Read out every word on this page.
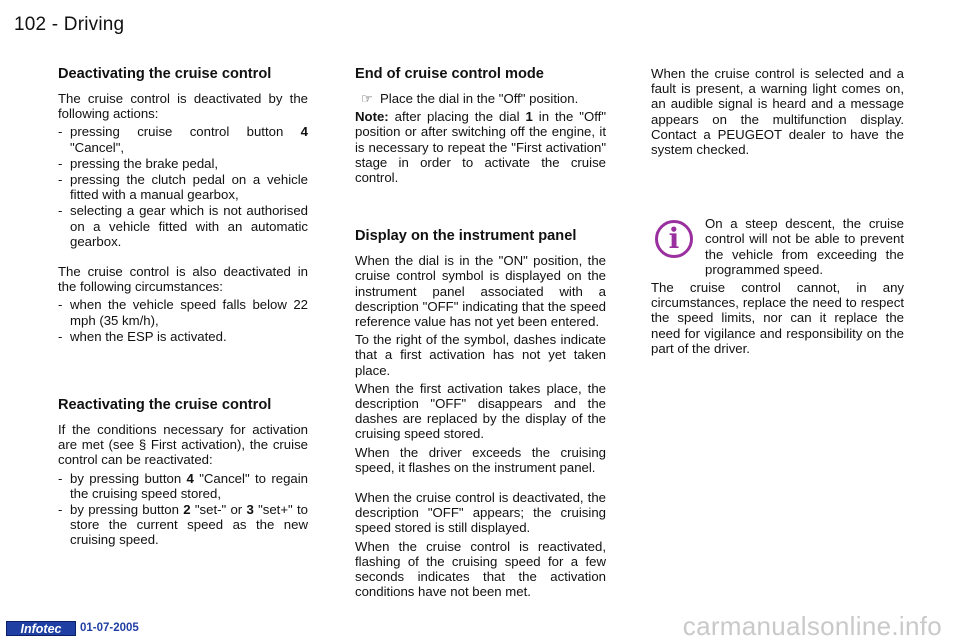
102 - Driving
Deactivating the cruise control

The cruise control is deactivated by the following actions:

- pressing cruise control button 4 "Cancel",
- pressing the brake pedal,
- pressing the clutch pedal on a vehicle fitted with a manual gearbox,
- selecting a gear which is not authorised on a vehicle fitted with an automatic gearbox.

The cruise control is also deactivated in the following circumstances:

- when the vehicle speed falls below 22 mph (35 km/h),
- when the ESP is activated.
Reactivating the cruise control

If the conditions necessary for activation are met (see § First activation), the cruise control can be reactivated:

- by pressing button 4 "Cancel" to regain the cruising speed stored,
- by pressing button 2 "set-" or 3 "set+" to store the current speed as the new cruising speed.
End of cruise control mode

☞ Place the dial in the "Off" position.

Note: after placing the dial 1 in the "Off" position or after switching off the engine, it is necessary to repeat the "First activation" stage in order to activate the cruise control.

Display on the instrument panel

When the dial is in the "ON" position, the cruise control symbol is displayed on the instrument panel associated with a description "OFF" indicating that the speed reference value has not yet been entered.

To the right of the symbol, dashes indicate that a first activation has not yet taken place.

When the first activation takes place, the description "OFF" disappears and the dashes are replaced by the display of the cruising speed stored.

When the driver exceeds the cruising speed, it flashes on the instrument panel.

When the cruise control is deactivated, the description "OFF" appears; the cruising speed stored is still displayed.

When the cruise control is reactivated, flashing of the cruising speed for a few seconds indicates that the activation conditions have not been met.

When the cruise control is selected and a fault is present, a warning light comes on, an audible signal is heard and a message appears on the multifunction display. Contact a PEUGEOT dealer to have the system checked.

i	On a steep descent, the cruise control will not be able to prevent the vehicle from exceeding the programmed speed.

The cruise control cannot, in any circumstances, replace the need to respect the speed limits, nor can it replace the need for vigilance and responsibility on the part of the driver.

Infotec	01-07-2005	carmanualsonline.info
